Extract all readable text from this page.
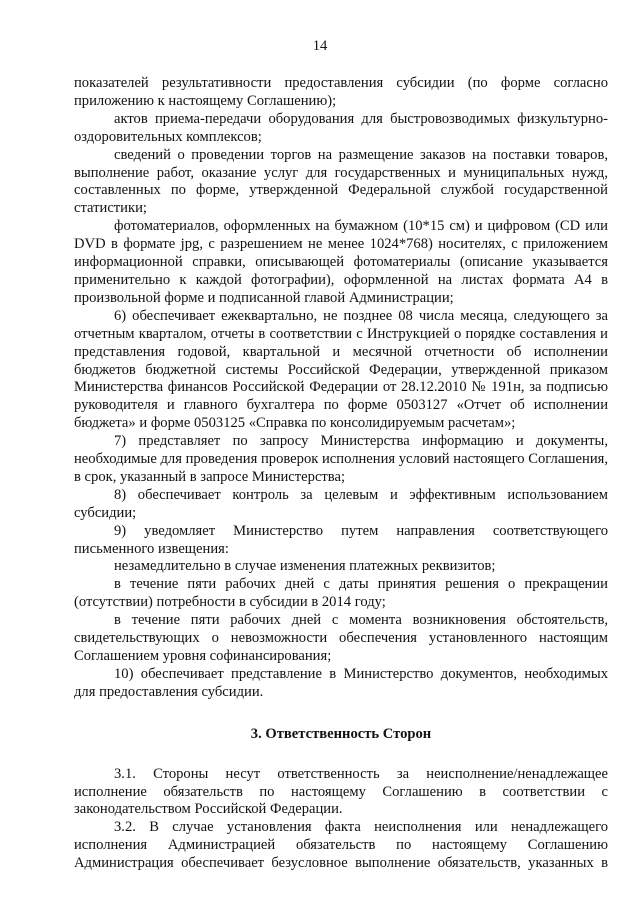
14

показателей результативности предоставления субсидии (по форме согласно приложению к настоящему Соглашению);

актов приема-передачи оборудования для быстровозводимых физкультурно-оздоровительных комплексов;

сведений о проведении торгов на размещение заказов на поставки товаров, выполнение работ, оказание услуг для государственных и муниципальных нужд, составленных по форме, утвержденной Федеральной службой государственной статистики;

фотоматериалов, оформленных на бумажном (10*15 см) и цифровом (CD или DVD в формате jpg, с разрешением не менее 1024*768) носителях, с приложением информационной справки, описывающей фотоматериалы (описание указывается применительно к каждой фотографии), оформленной на листах формата А4 в произвольной форме и подписанной главой Администрации;

6) обеспечивает ежеквартально, не позднее 08 числа месяца, следующего за отчетным кварталом, отчеты в соответствии с Инструкцией о порядке составления и представления годовой, квартальной и месячной отчетности об исполнении бюджетов бюджетной системы Российской Федерации, утвержденной приказом Министерства финансов Российской Федерации от 28.12.2010 № 191н, за подписью руководителя и главного бухгалтера по форме 0503127 «Отчет об исполнении бюджета» и форме 0503125 «Справка по консолидируемым расчетам»;

7) представляет по запросу Министерства информацию и документы, необходимые для проведения проверок исполнения условий настоящего Соглашения, в срок, указанный в запросе Министерства;

8) обеспечивает контроль за целевым и эффективным использованием субсидии;

9) уведомляет Министерство путем направления соответствующего письменного извещения:

незамедлительно в случае изменения платежных реквизитов;

в течение пяти рабочих дней с даты принятия решения о прекращении (отсутствии) потребности в субсидии в 2014 году;

в течение пяти рабочих дней с момента возникновения обстоятельств, свидетельствующих о невозможности обеспечения установленного настоящим Соглашением уровня софинансирования;

10) обеспечивает представление в Министерство документов, необходимых для предоставления субсидии.

3. Ответственность Сторон

3.1. Стороны несут ответственность за неисполнение/ненадлежащее исполнение обязательств по настоящему Соглашению в соответствии с законодательством Российской Федерации.

3.2. В случае установления факта неисполнения или ненадлежащего исполнения Администрацией обязательств по настоящему Соглашению Администрация обеспечивает безусловное выполнение обязательств, указанных в
